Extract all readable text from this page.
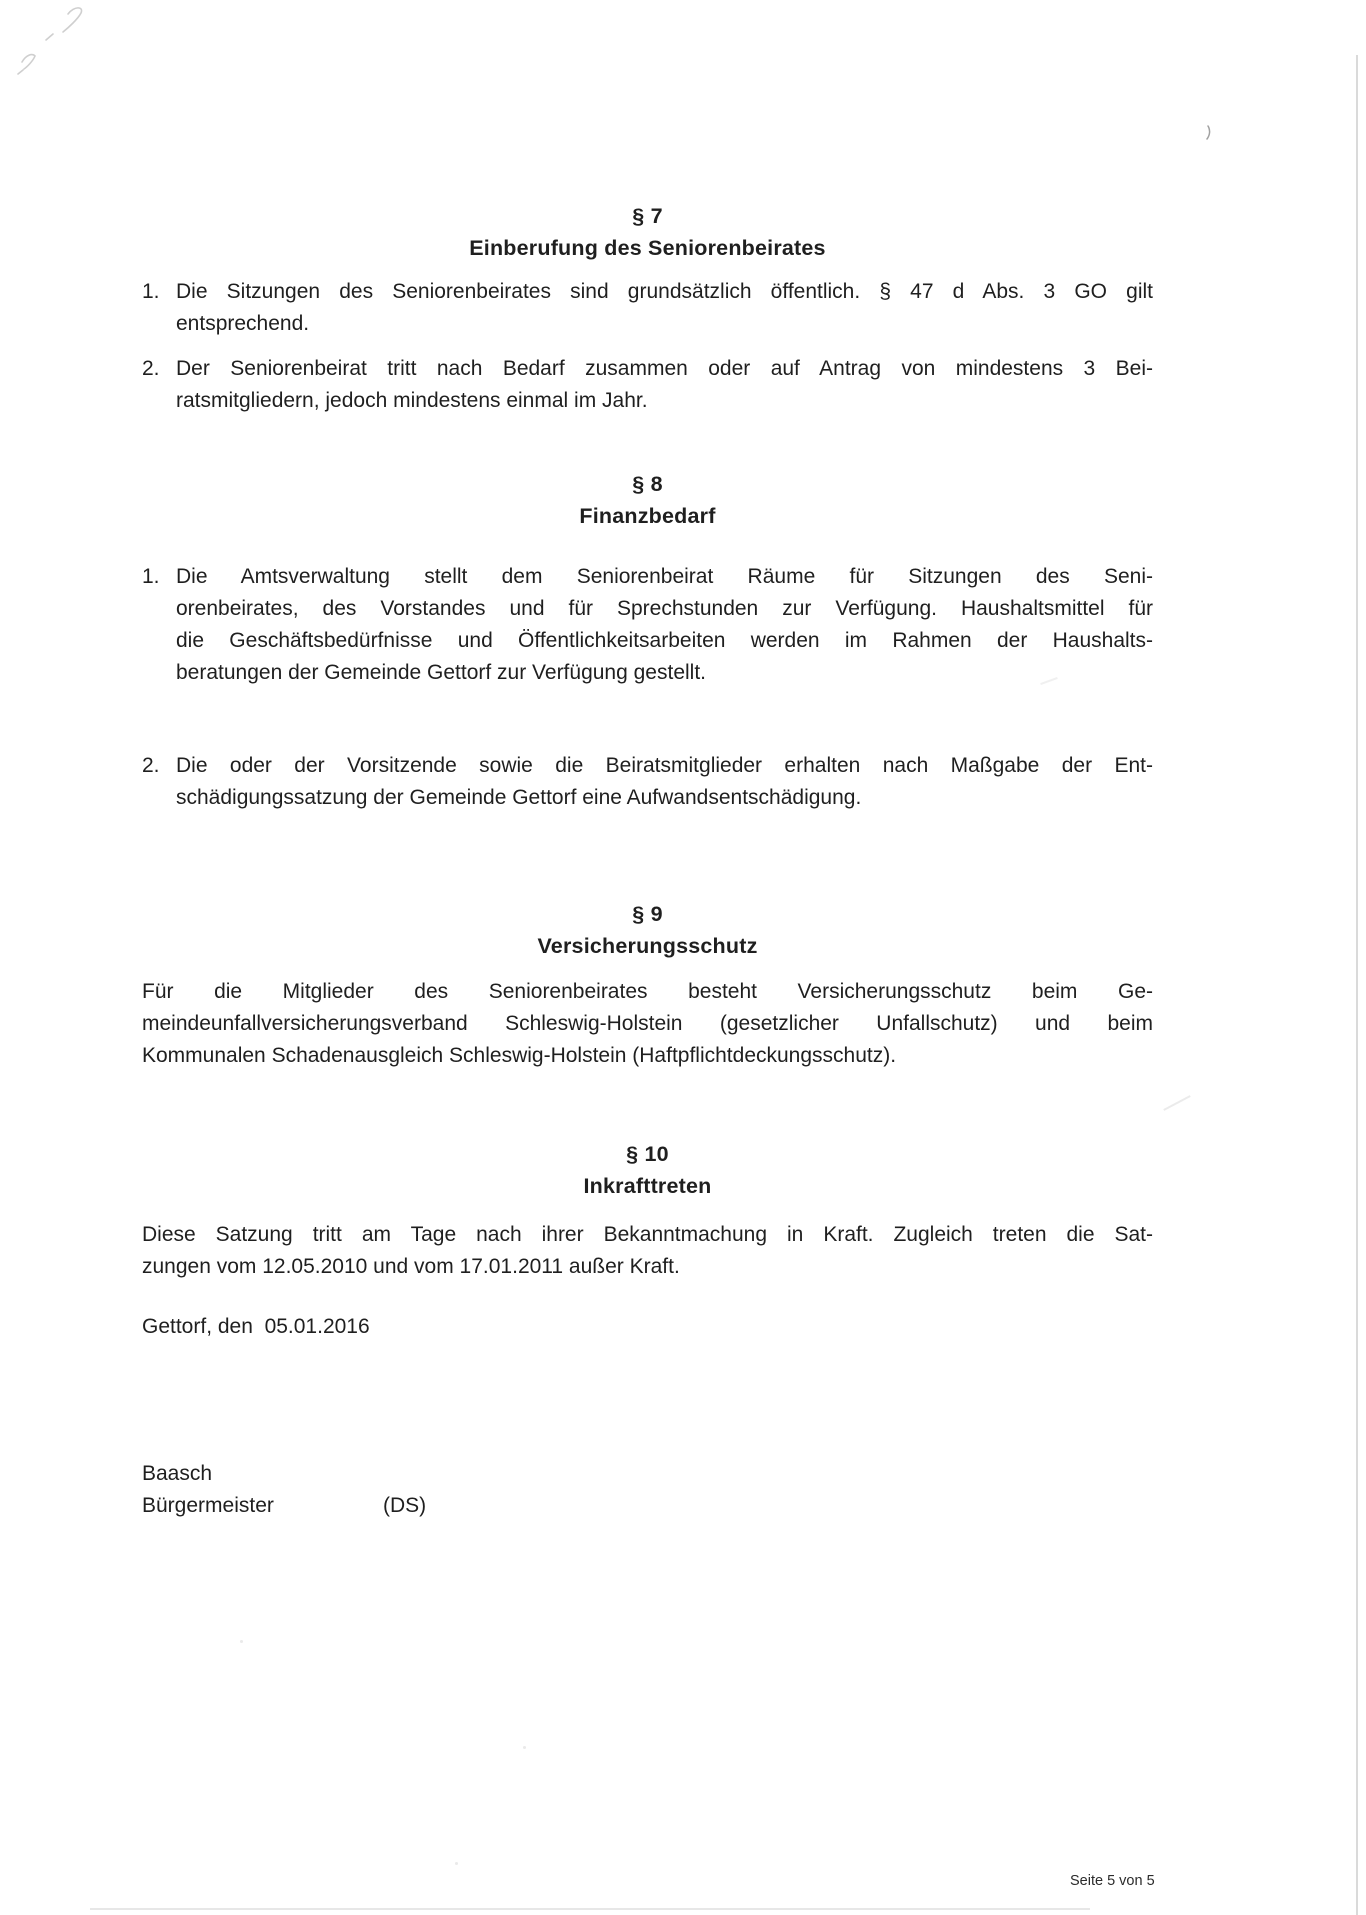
§ 7
Einberufung des Seniorenbeirates
1. Die Sitzungen des Seniorenbeirates sind grundsätzlich öffentlich. § 47 d Abs. 3 GO gilt
entsprechend.
2. Der Seniorenbeirat tritt nach Bedarf zusammen oder auf Antrag von mindestens 3 Bei-
ratsmitgliedern, jedoch mindestens einmal im Jahr.
§ 8
Finanzbedarf
1. Die Amtsverwaltung stellt dem Seniorenbeirat Räume für Sitzungen des Seni-
orenbeirates, des Vorstandes und für Sprechstunden zur Verfügung. Haushaltsmittel für
die Geschäftsbedürfnisse und Öffentlichkeitsarbeiten werden im Rahmen der Haushalts-
beratungen der Gemeinde Gettorf zur Verfügung gestellt.
2. Die oder der Vorsitzende sowie die Beiratsmitglieder erhalten nach Maßgabe der Ent-
schädigungssatzung der Gemeinde Gettorf eine Aufwandsentschädigung.
§ 9
Versicherungsschutz
Für die Mitglieder des Seniorenbeirates besteht Versicherungsschutz beim Ge-
meindeunfallversicherungsverband Schleswig-Holstein (gesetzlicher Unfallschutz) und beim
Kommunalen Schadenausgleich Schleswig-Holstein (Haftpflichtdeckungsschutz).
§ 10
Inkrafttreten
Diese Satzung tritt am Tage nach ihrer Bekanntmachung in Kraft. Zugleich treten die Sat-
zungen vom 12.05.2010 und vom 17.01.2011 außer Kraft.
Gettorf, den  05.01.2016
Baasch
Bürgermeister	(DS)
Seite 5 von 5
